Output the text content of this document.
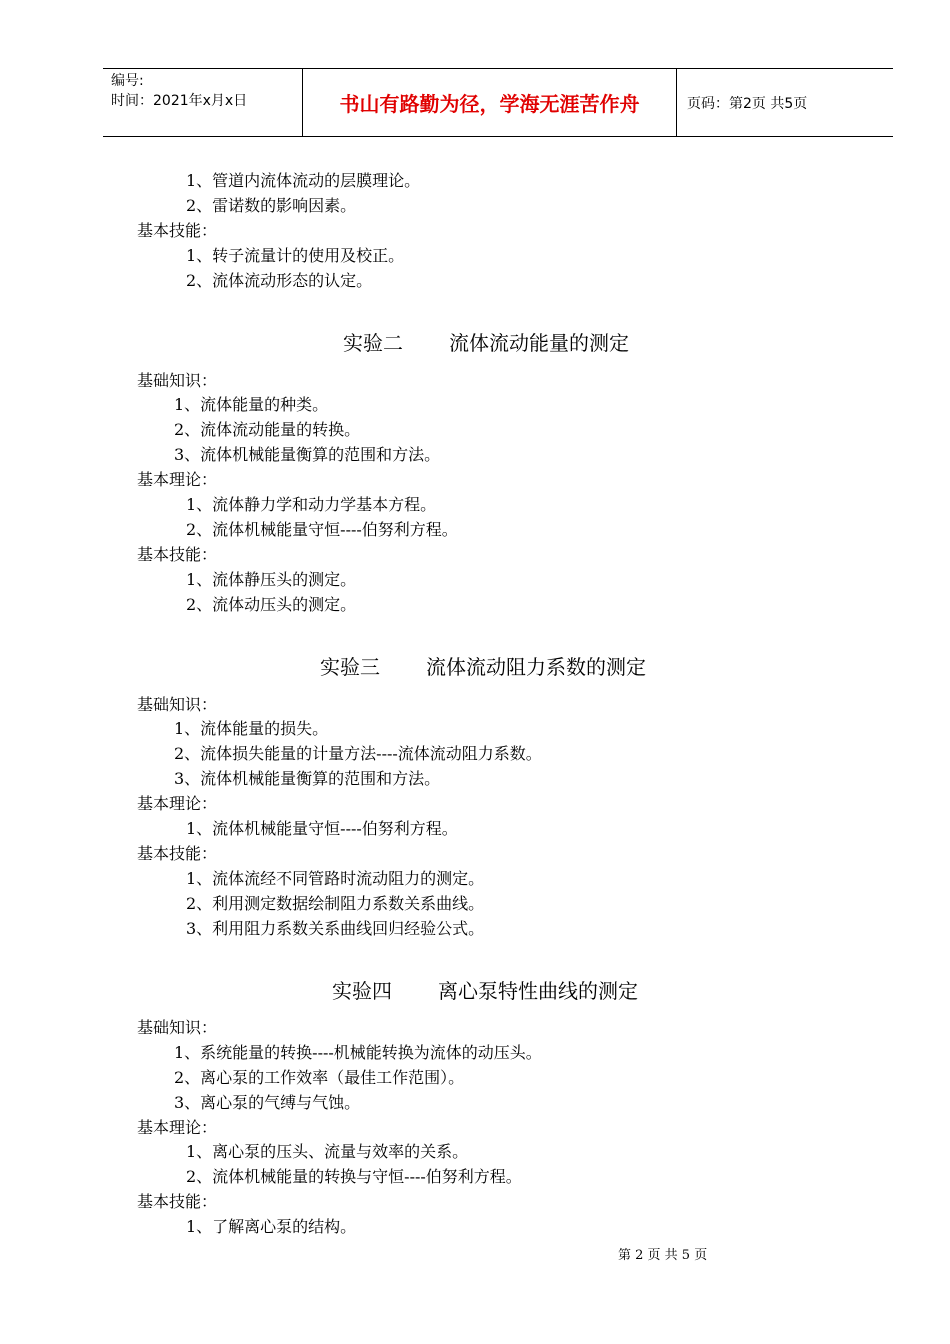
编号:
时间：2021年x月x日	书山有路勤为径，学海无涯苦作舟	页码：第2页 共5页
1、管道内流体流动的层膜理论。
2、雷诺数的影响因素。
基本技能：
1、转子流量计的使用及校正。
2、流体流动形态的认定。
实验二 流体流动能量的测定
基础知识：
1、流体能量的种类。
2、流体流动能量的转换。
3、流体机械能量衡算的范围和方法。
基本理论：
1、流体静力学和动力学基本方程。
2、流体机械能量守恒----伯努利方程。
基本技能：
1、流体静压头的测定。
2、流体动压头的测定。
实验三 流体流动阻力系数的测定
基础知识：
1、流体能量的损失。
2、流体损失能量的计量方法----流体流动阻力系数。
3、流体机械能量衡算的范围和方法。
基本理论：
1、流体机械能量守恒----伯努利方程。
基本技能：
1、流体流经不同管路时流动阻力的测定。
2、利用测定数据绘制阻力系数关系曲线。
3、利用阻力系数关系曲线回归经验公式。
实验四 离心泵特性曲线的测定
基础知识：
1、系统能量的转换----机械能转换为流体的动压头。
2、离心泵的工作效率（最佳工作范围）。
3、离心泵的气缚与气蚀。
基本理论：
1、离心泵的压头、流量与效率的关系。
2、流体机械能量的转换与守恒----伯努利方程。
基本技能：
1、了解离心泵的结构。
第 2 页 共 5 页
